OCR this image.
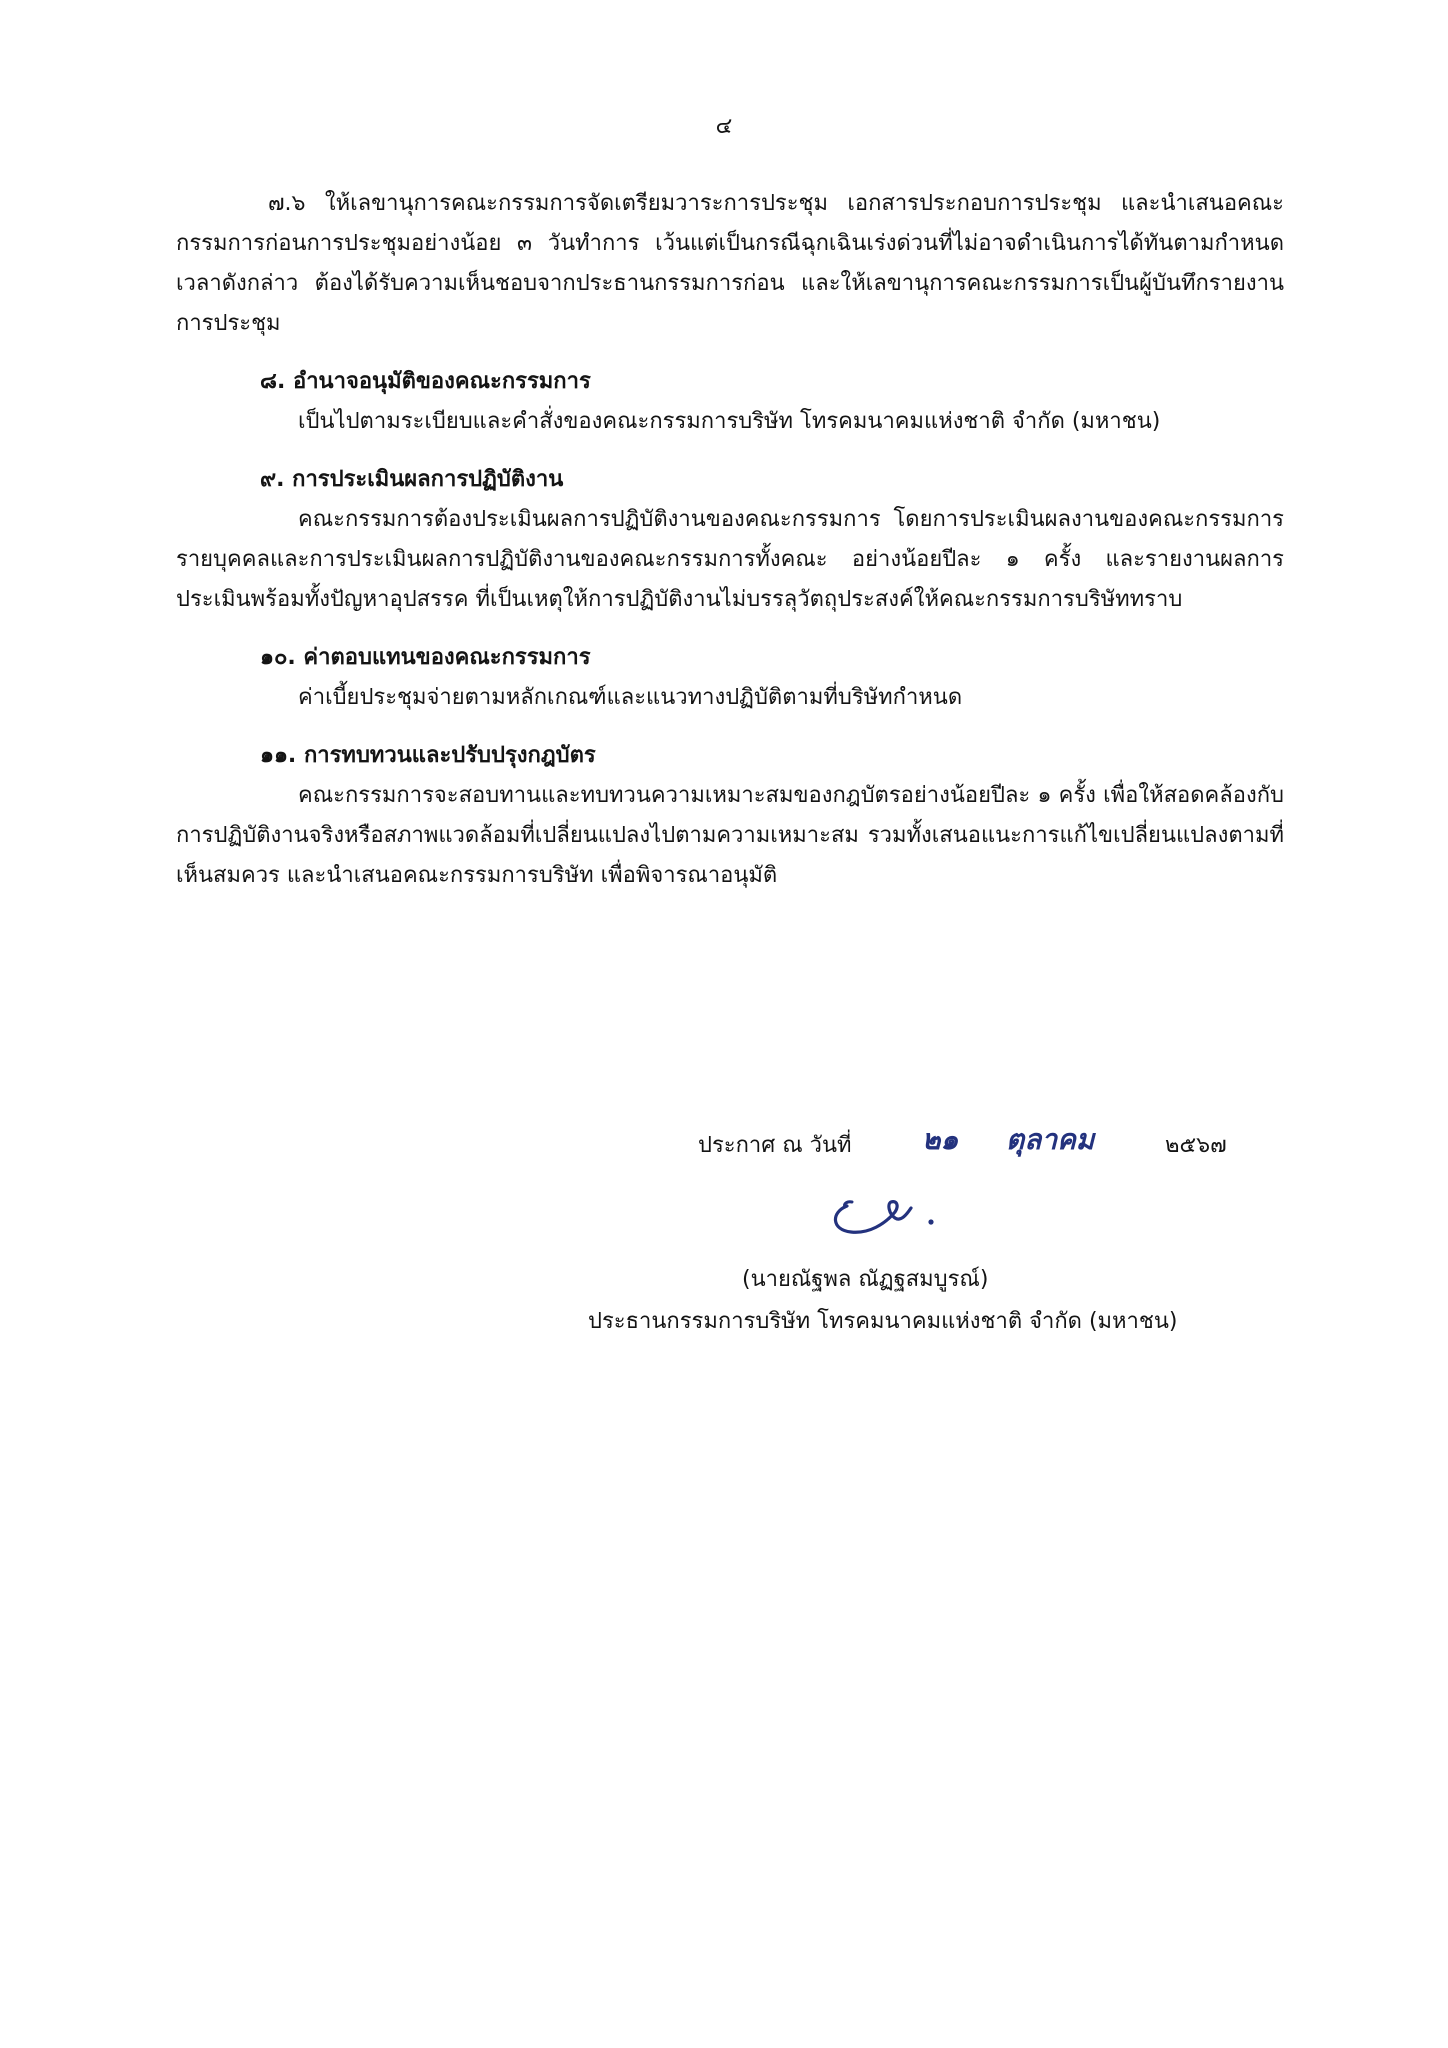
๔

๗.๖ ให้เลขานุการคณะกรรมการจัดเตรียมวาระการประชุม เอกสารประกอบการประชุม และนำเสนอคณะกรรมการก่อนการประชุมอย่างน้อย ๓ วันทำการ เว้นแต่เป็นกรณีฉุกเฉินเร่งด่วนที่ไม่อาจดำเนินการได้ทันตามกำหนดเวลาดังกล่าว ต้องได้รับความเห็นชอบจากประธานกรรมการก่อน และให้เลขานุการคณะกรรมการเป็นผู้บันทึกรายงานการประชุม

๘. อำนาจอนุมัติของคณะกรรมการ

เป็นไปตามระเบียบและคำสั่งของคณะกรรมการบริษัท โทรคมนาคมแห่งชาติ จำกัด (มหาชน)

๙. การประเมินผลการปฏิบัติงาน

คณะกรรมการต้องประเมินผลการปฏิบัติงานของคณะกรรมการ โดยการประเมินผลงานของคณะกรรมการรายบุคคลและการประเมินผลการปฏิบัติงานของคณะกรรมการทั้งคณะ อย่างน้อยปีละ ๑ ครั้ง และรายงานผลการประเมินพร้อมทั้งปัญหาอุปสรรค ที่เป็นเหตุให้การปฏิบัติงานไม่บรรลุวัตถุประสงค์ให้คณะกรรมการบริษัททราบ

๑๐. ค่าตอบแทนของคณะกรรมการ

ค่าเบี้ยประชุมจ่ายตามหลักเกณฑ์และแนวทางปฏิบัติตามที่บริษัทกำหนด

๑๑. การทบทวนและปรับปรุงกฎบัตร

คณะกรรมการจะสอบทานและทบทวนความเหมาะสมของกฎบัตรอย่างน้อยปีละ ๑ ครั้ง เพื่อให้สอดคล้องกับการปฏิบัติงานจริงหรือสภาพแวดล้อมที่เปลี่ยนแปลงไปตามความเหมาะสม รวมทั้งเสนอแนะการแก้ไขเปลี่ยนแปลงตามที่เห็นสมควร และนำเสนอคณะกรรมการบริษัท เพื่อพิจารณาอนุมัติ

ประกาศ ณ วันที่	๒๑ ตุลาคม	๒๕๖๗
(นายณัฐพล ณัฏฐสมบูรณ์)
ประธานกรรมการบริษัท โทรคมนาคมแห่งชาติ จำกัด (มหาชน)
